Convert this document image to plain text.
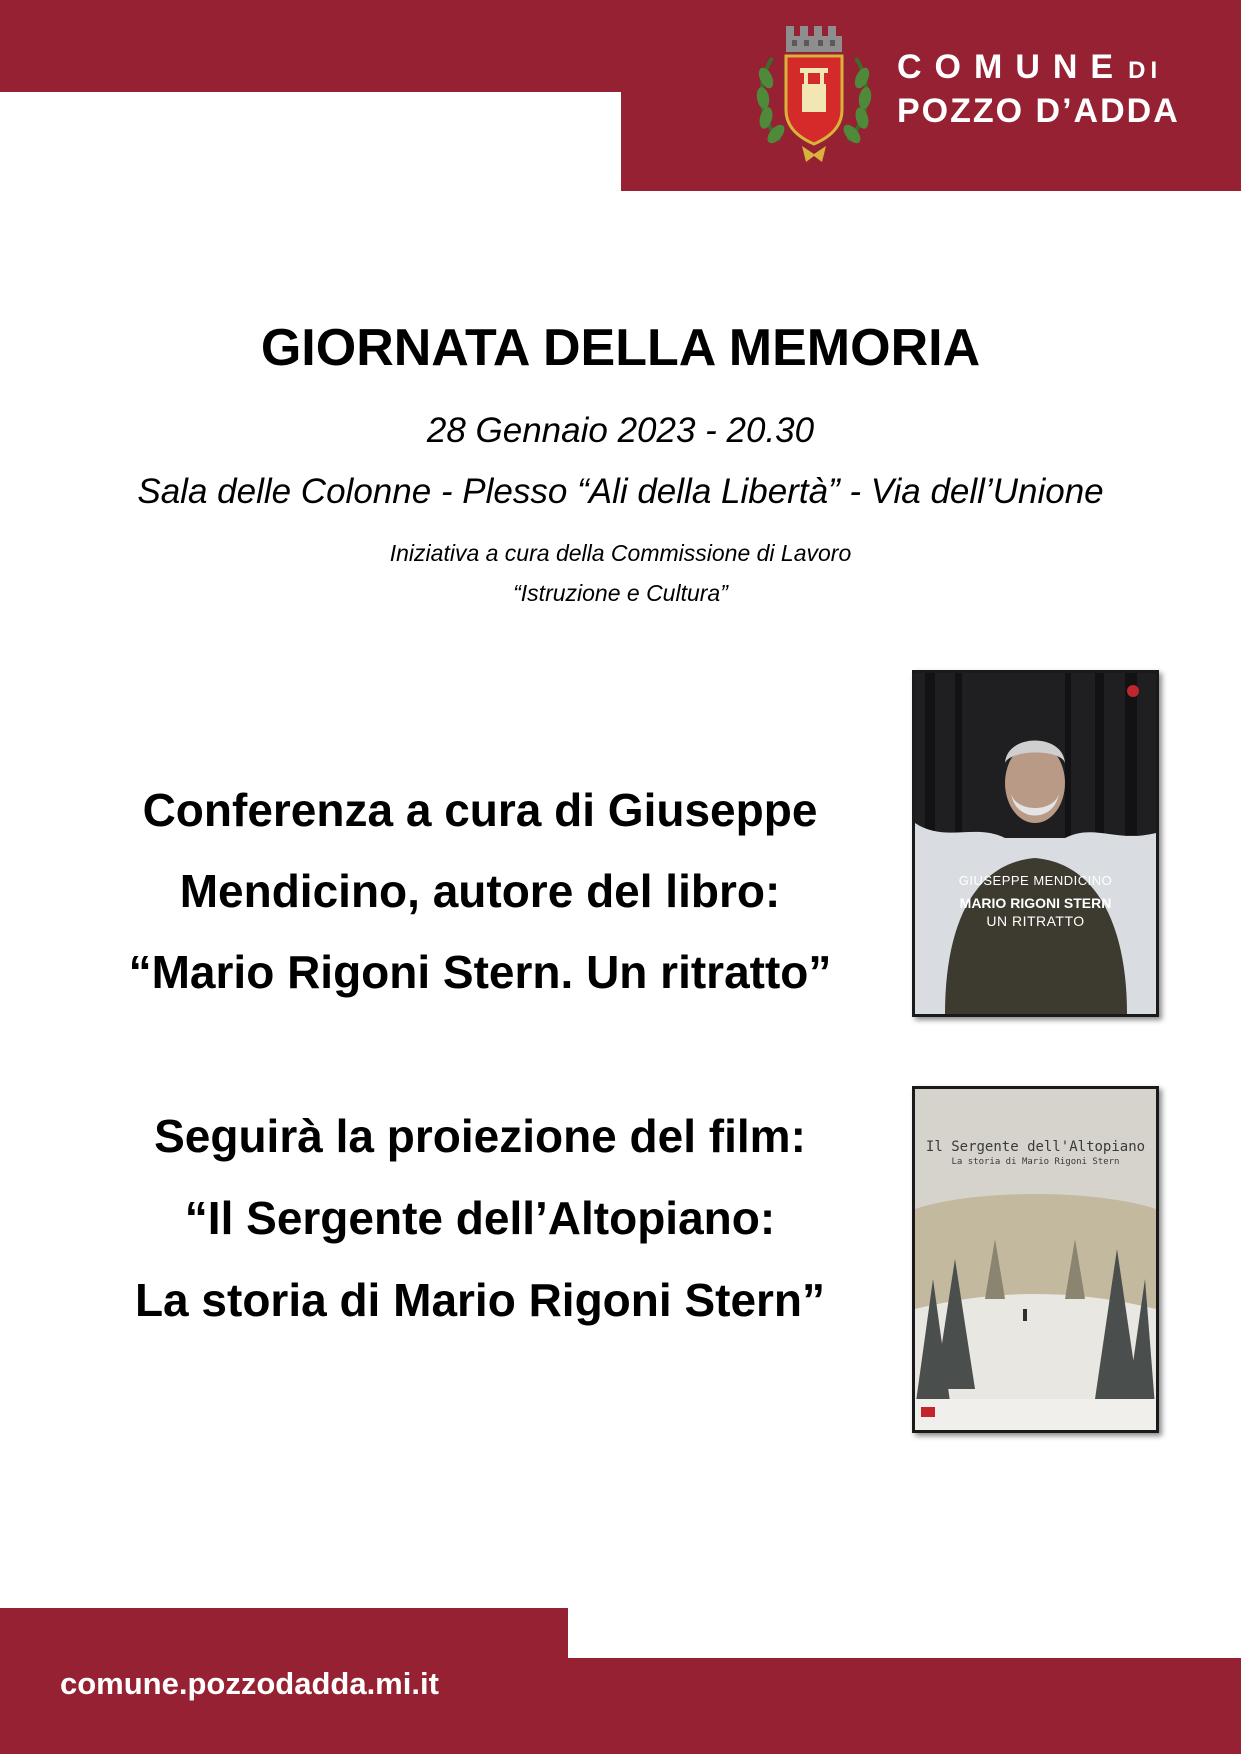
COMUNEDI
POZZO D’ADDA
GIORNATA DELLA MEMORIA
28 Gennaio 2023 - 20.30
Sala delle Colonne - Plesso “Ali della Libertà” - Via dell’Unione
Iniziativa a cura della Commissione di Lavoro
“Istruzione e Cultura”
Conferenza a cura di Giuseppe
Mendicino, autore del libro:
“Mario Rigoni Stern. Un ritratto”
GIUSEPPE MENDICINO
MARIO RIGONI STERN
UN RITRATTO
Seguirà la proiezione del film:
“Il Sergente dell’Altopiano:
La storia di Mario Rigoni Stern”
Il Sergente dell'Altopiano
La storia di Mario Rigoni Stern
comune.pozzodadda.mi.it
